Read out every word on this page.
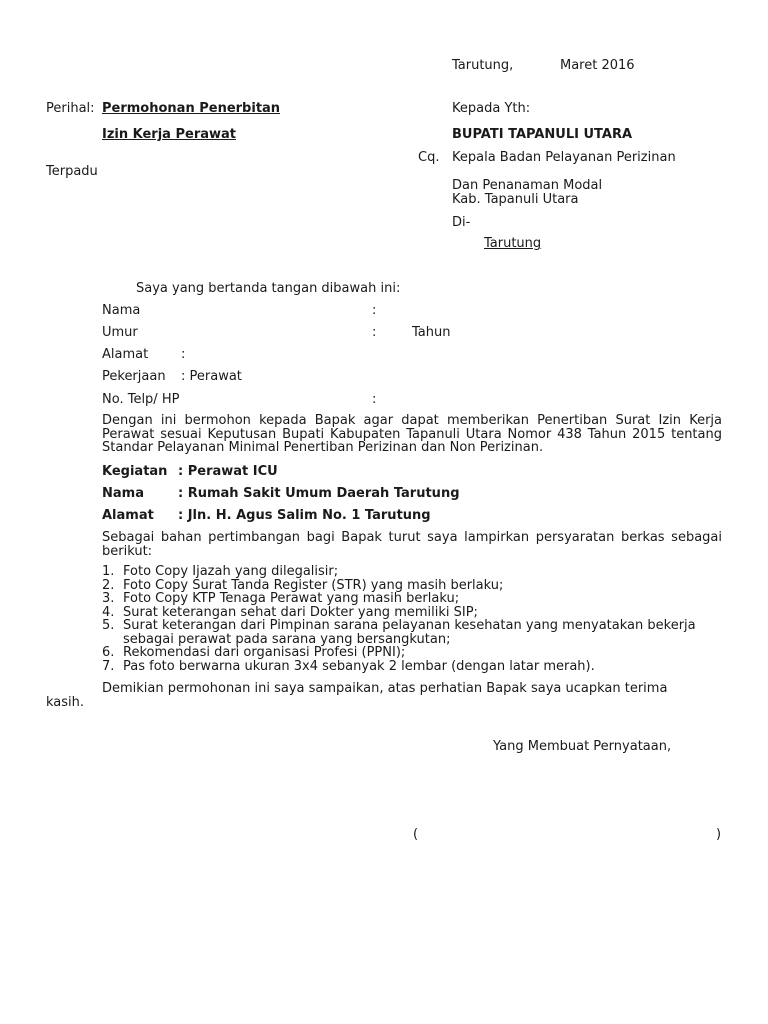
Tarutung,	Maret 2016
Perihal: Permohonan Penerbitan
Izin Kerja Perawat
Kepada Yth:
BUPATI TAPANULI UTARA
Cq. Kepala Badan Pelayanan Perizinan
Terpadu
Dan Penanaman Modal
Kab. Tapanuli Utara
Di-
Tarutung
Saya yang bertanda tangan dibawah ini:
Nama	:
Umur	:	Tahun
Alamat	:
Pekerjaan : Perawat
No. Telp/ HP	:
Dengan ini bermohon kepada Bapak agar dapat memberikan Penertiban Surat Izin Kerja Perawat sesuai Keputusan Bupati Kabupaten Tapanuli Utara Nomor 438 Tahun 2015 tentang Standar Pelayanan Minimal Penertiban Perizinan dan Non Perizinan.
Kegiatan : Perawat ICU
Nama	: Rumah Sakit Umum Daerah Tarutung
Alamat : Jln. H. Agus Salim No. 1 Tarutung
Sebagai bahan pertimbangan bagi Bapak turut saya lampirkan persyaratan berkas sebagai berikut:
1. Foto Copy Ijazah yang dilegalisir;
2. Foto Copy Surat Tanda Register (STR) yang masih berlaku;
3. Foto Copy KTP Tenaga Perawat yang masih berlaku;
4. Surat keterangan sehat dari Dokter yang memiliki SIP;
5. Surat keterangan dari Pimpinan sarana pelayanan kesehatan yang menyatakan bekerja sebagai perawat pada sarana yang bersangkutan;
6. Rekomendasi dari organisasi Profesi (PPNI);
7. Pas foto berwarna ukuran 3x4 sebanyak 2 lembar (dengan latar merah).
Demikian permohonan ini saya sampaikan, atas perhatian Bapak saya ucapkan terima
kasih.
Yang Membuat Pernyataan,
(	)
